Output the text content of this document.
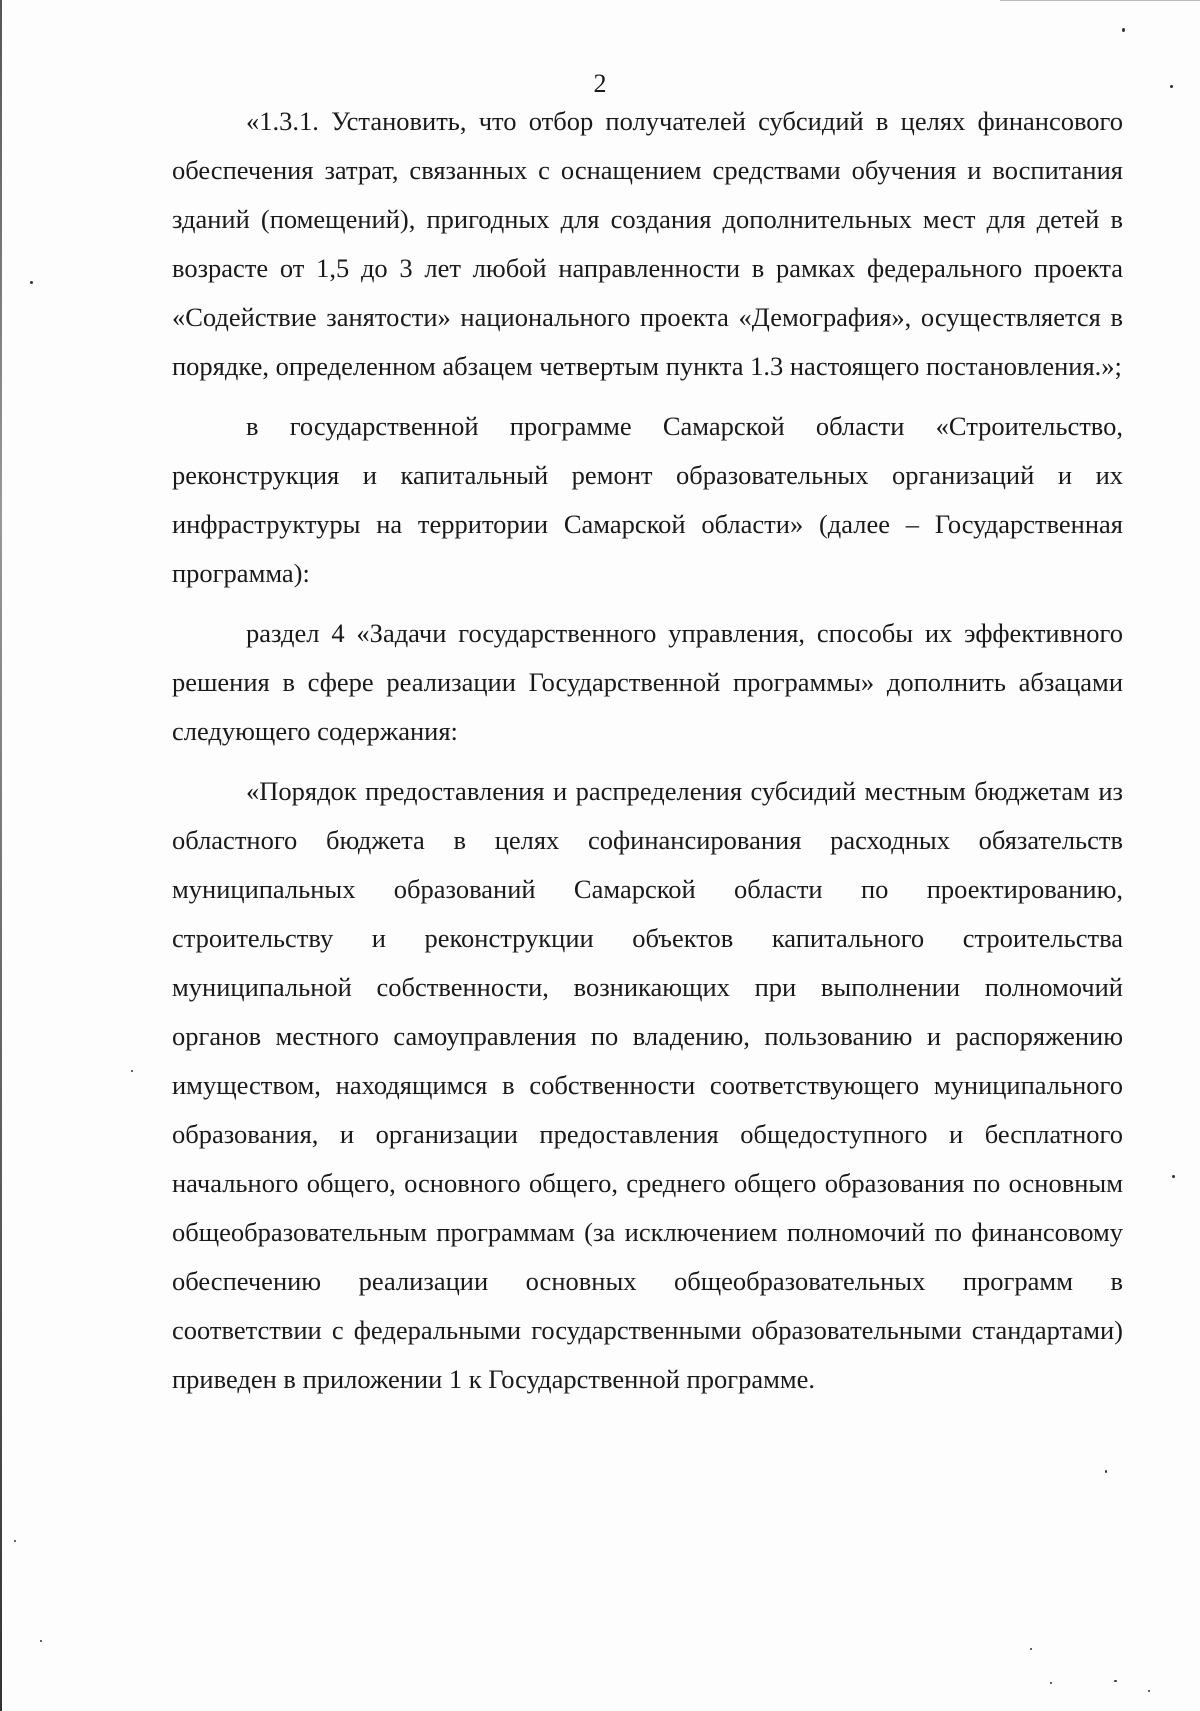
2

«1.3.1. Установить, что отбор получателей субсидий в целях финансового обеспечения затрат, связанных с оснащением средствами обучения и воспитания зданий (помещений), пригодных для создания дополнительных мест для детей в возрасте от 1,5 до 3 лет любой направленности в рамках федерального проекта «Содействие занятости» национального проекта «Демография», осуществляется в порядке, определенном абзацем четвертым пункта 1.3 настоящего постановления.»;

в государственной программе Самарской области «Строительство, реконструкция и капитальный ремонт образовательных организаций и их инфраструктуры на территории Самарской области» (далее – Государственная программа):

раздел 4 «Задачи государственного управления, способы их эффективного решения в сфере реализации Государственной программы» дополнить абзацами следующего содержания:

«Порядок предоставления и распределения субсидий местным бюджетам из областного бюджета в целях софинансирования расходных обязательств муниципальных образований Самарской области по проектированию, строительству и реконструкции объектов капитального строительства муниципальной собственности, возникающих при выполнении полномочий органов местного самоуправления по владению, пользованию и распоряжению имуществом, находящимся в собственности соответствующего муниципального образования, и организации предоставления общедоступного и бесплатного начального общего, основного общего, среднего общего образования по основным общеобразовательным программам (за исключением полномочий по финансовому обеспечению реализации основных общеобразовательных программ в соответствии с федеральными государственными образовательными стандартами) приведен в приложении 1 к Государственной программе.
